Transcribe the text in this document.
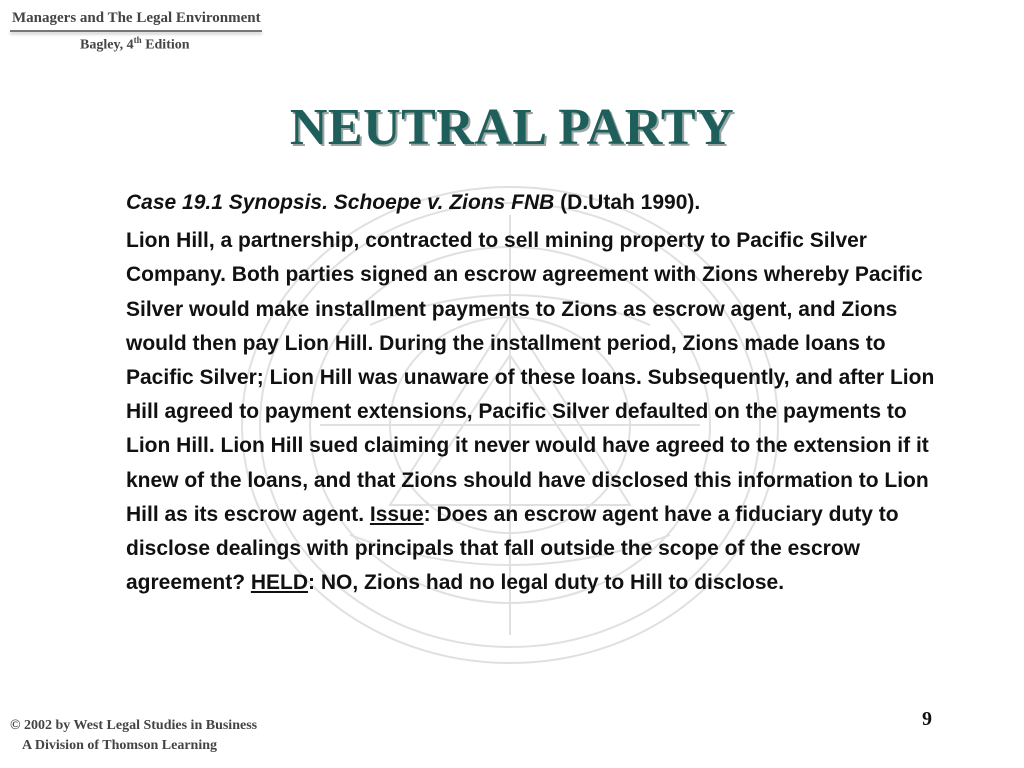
Managers and The Legal Environment
Bagley, 4th Edition
NEUTRAL PARTY
Case 19.1 Synopsis. Schoepe v. Zions FNB (D.Utah 1990).
Lion Hill, a partnership, contracted to sell mining property to Pacific Silver Company. Both parties signed an escrow agreement with Zions whereby Pacific Silver would make installment payments to Zions as escrow agent, and Zions would then pay Lion Hill. During the installment period, Zions made loans to Pacific Silver; Lion Hill was unaware of these loans. Subsequently, and after Lion Hill agreed to payment extensions, Pacific Silver defaulted on the payments to Lion Hill. Lion Hill sued claiming it never would have agreed to the extension if it knew of the loans, and that Zions should have disclosed this information to Lion Hill as its escrow agent. Issue: Does an escrow agent have a fiduciary duty to disclose dealings with principals that fall outside the scope of the escrow agreement? HELD: NO, Zions had no legal duty to Hill to disclose.
9
© 2002 by West Legal Studies in Business
A Division of Thomson Learning
